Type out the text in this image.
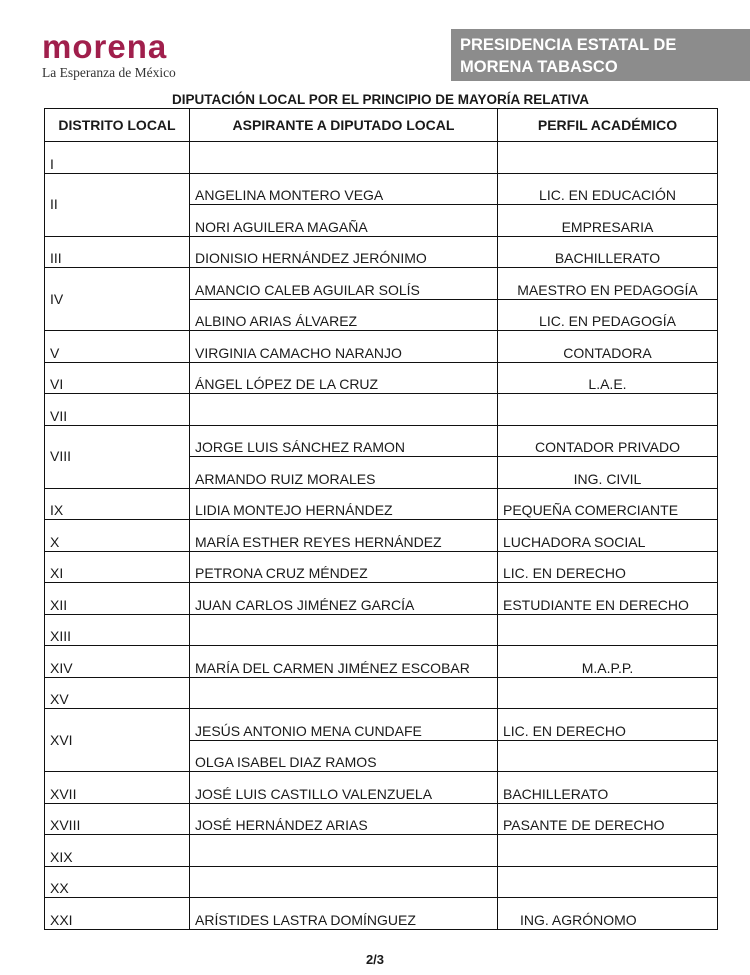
morena
La Esperanza de México
PRESIDENCIA ESTATAL DE
MORENA TABASCO
DIPUTACIÓN LOCAL POR EL PRINCIPIO DE MAYORÍA RELATIVA
DISTRITO LOCAL	ASPIRANTE A DIPUTADO LOCAL	PERFIL ACADÉMICO
I		
II	ANGELINA MONTERO VEGA	LIC. EN EDUCACIÓN
	NORI AGUILERA MAGAÑA	EMPRESARIA
III	DIONISIO HERNÁNDEZ JERÓNIMO	BACHILLERATO
IV	AMANCIO CALEB AGUILAR SOLÍS	MAESTRO EN PEDAGOGÍA
	ALBINO ARIAS ÁLVAREZ	LIC. EN PEDAGOGÍA
V	VIRGINIA CAMACHO NARANJO	CONTADORA
VI	ÁNGEL LÓPEZ DE LA CRUZ	L.A.E.
VII		
VIII	JORGE LUIS SÁNCHEZ RAMON	CONTADOR PRIVADO
	ARMANDO RUIZ MORALES	ING. CIVIL
IX	LIDIA MONTEJO HERNÁNDEZ	PEQUEÑA COMERCIANTE
X	MARÍA ESTHER REYES HERNÁNDEZ	LUCHADORA SOCIAL
XI	PETRONA CRUZ MÉNDEZ	LIC. EN DERECHO
XII	JUAN CARLOS JIMÉNEZ GARCÍA	ESTUDIANTE EN DERECHO
XIII		
XIV	MARÍA DEL CARMEN JIMÉNEZ ESCOBAR	M.A.P.P.
XV		
XVI	JESÚS ANTONIO MENA CUNDAFE	LIC. EN DERECHO
	OLGA ISABEL DIAZ RAMOS	
XVII	JOSÉ LUIS CASTILLO VALENZUELA	BACHILLERATO
XVIII	JOSÉ HERNÁNDEZ ARIAS	PASANTE DE DERECHO
XIX		
XX		
XXI	ARÍSTIDES LASTRA DOMÍNGUEZ	ING. AGRÓNOMO
2/3
